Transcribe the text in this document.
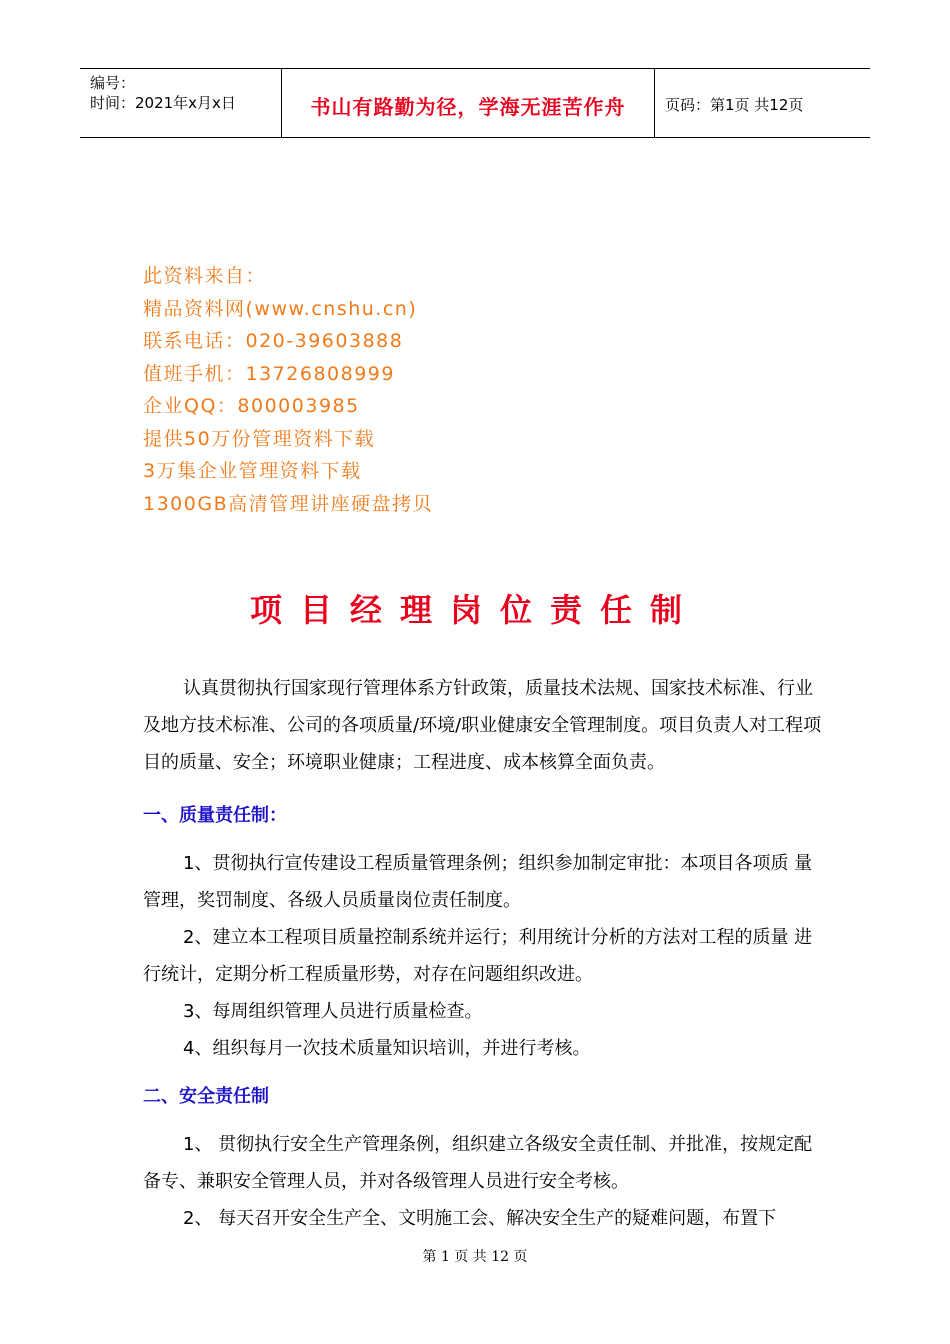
编号：
时间：2021年x月x日	书山有路勤为径，学海无涯苦作舟	页码：第1页 共12页
此资料来自：
精品资料网(www.cnshu.cn)
联系电话：020-39603888
值班手机：13726808999
企业QQ：800003985
提供50万份管理资料下载
3万集企业管理资料下载
1300GB高清管理讲座硬盘拷贝
项目经理岗位责任制

认真贯彻执行国家现行管理体系方针政策，质量技术法规、国家技术标准、行业及地方技术标准、公司的各项质量/环境/职业健康安全管理制度。项目负责人对工程项目的质量、安全；环境职业健康；工程进度、成本核算全面负责。

一、质量责任制：

1、贯彻执行宣传建设工程质量管理条例；组织参加制定审批：本项目各项质 量管理，奖罚制度、各级人员质量岗位责任制度。

2、建立本工程项目质量控制系统并运行；利用统计分析的方法对工程的质量 进行统计，定期分析工程质量形势，对存在问题组织改进。

3、每周组织管理人员进行质量检查。

4、组织每月一次技术质量知识培训，并进行考核。

二、安全责任制

1、 贯彻执行安全生产管理条例，组织建立各级安全责任制、并批准，按规定配备专、兼职安全管理人员，并对各级管理人员进行安全考核。

2、 每天召开安全生产全、文明施工会、解决安全生产的疑难问题，布置下

第 1 页 共 12 页
